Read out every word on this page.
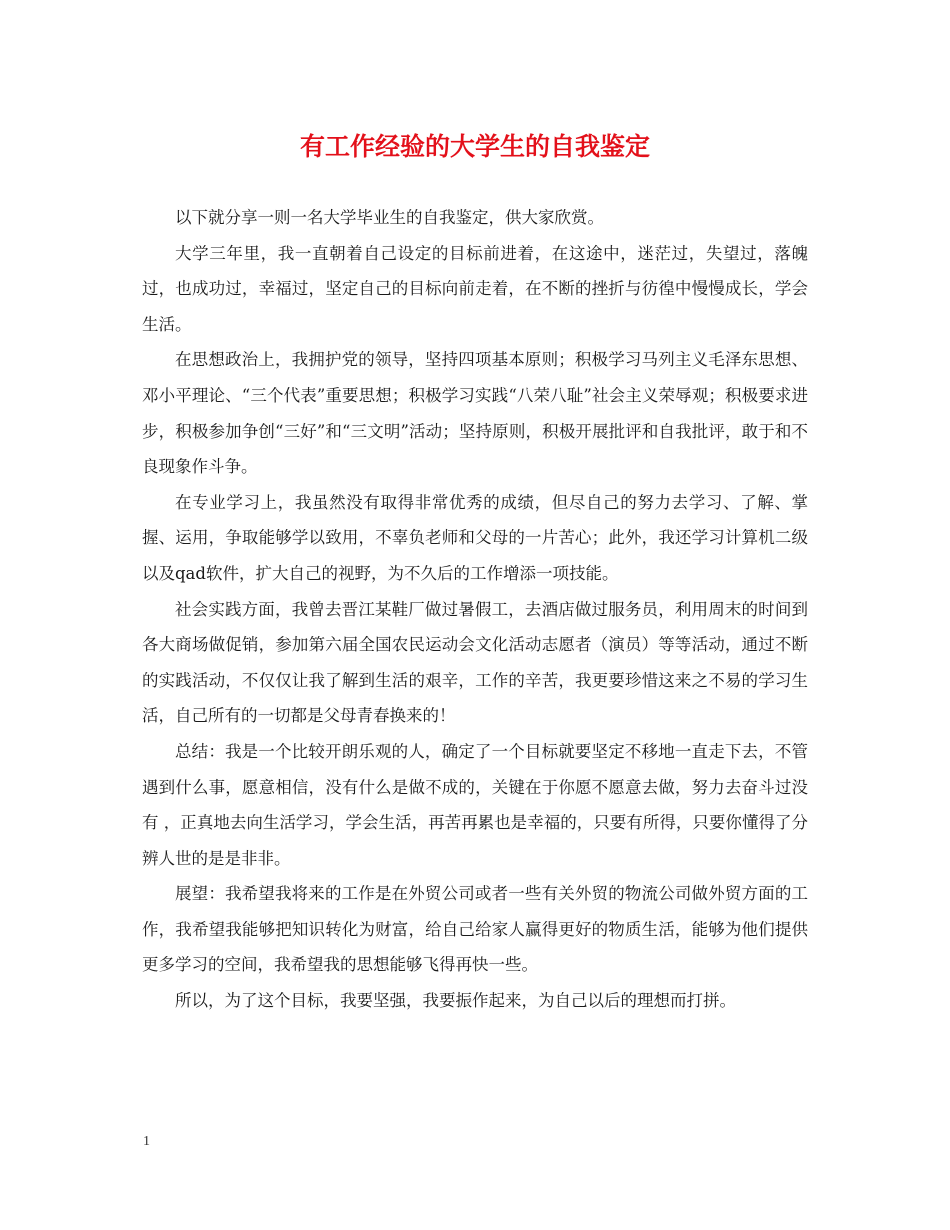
有工作经验的大学生的自我鉴定

以下就分享一则一名大学毕业生的自我鉴定，供大家欣赏。

大学三年里，我一直朝着自己设定的目标前进着，在这途中，迷茫过，失望过，落魄过，也成功过，幸福过，坚定自己的目标向前走着，在不断的挫折与彷徨中慢慢成长，学会生活。

在思想政治上，我拥护党的领导，坚持四项基本原则；积极学习马列主义毛泽东思想、邓小平理论、“三个代表”重要思想；积极学习实践“八荣八耻”社会主义荣辱观；积极要求进步，积极参加争创“三好”和“三文明”活动；坚持原则，积极开展批评和自我批评，敢于和不良现象作斗争。

在专业学习上，我虽然没有取得非常优秀的成绩，但尽自己的努力去学习、了解、掌握、运用，争取能够学以致用，不辜负老师和父母的一片苦心；此外，我还学习计算机二级以及qad软件，扩大自己的视野，为不久后的工作增添一项技能。

社会实践方面，我曾去晋江某鞋厂做过暑假工，去酒店做过服务员，利用周末的时间到各大商场做促销，参加第六届全国农民运动会文化活动志愿者（演员）等等活动，通过不断的实践活动，不仅仅让我了解到生活的艰辛，工作的辛苦，我更要珍惜这来之不易的学习生活，自己所有的一切都是父母青春换来的！

总结：我是一个比较开朗乐观的人，确定了一个目标就要坚定不移地一直走下去，不管遇到什么事，愿意相信，没有什么是做不成的，关键在于你愿不愿意去做，努力去奋斗过没有 ，正真地去向生活学习，学会生活，再苦再累也是幸福的，只要有所得，只要你懂得了分辨人世的是是非非。

展望：我希望我将来的工作是在外贸公司或者一些有关外贸的物流公司做外贸方面的工作，我希望我能够把知识转化为财富，给自己给家人赢得更好的物质生活，能够为他们提供更多学习的空间，我希望我的思想能够飞得再快一些。

所以，为了这个目标，我要坚强，我要振作起来，为自己以后的理想而打拼。

1
